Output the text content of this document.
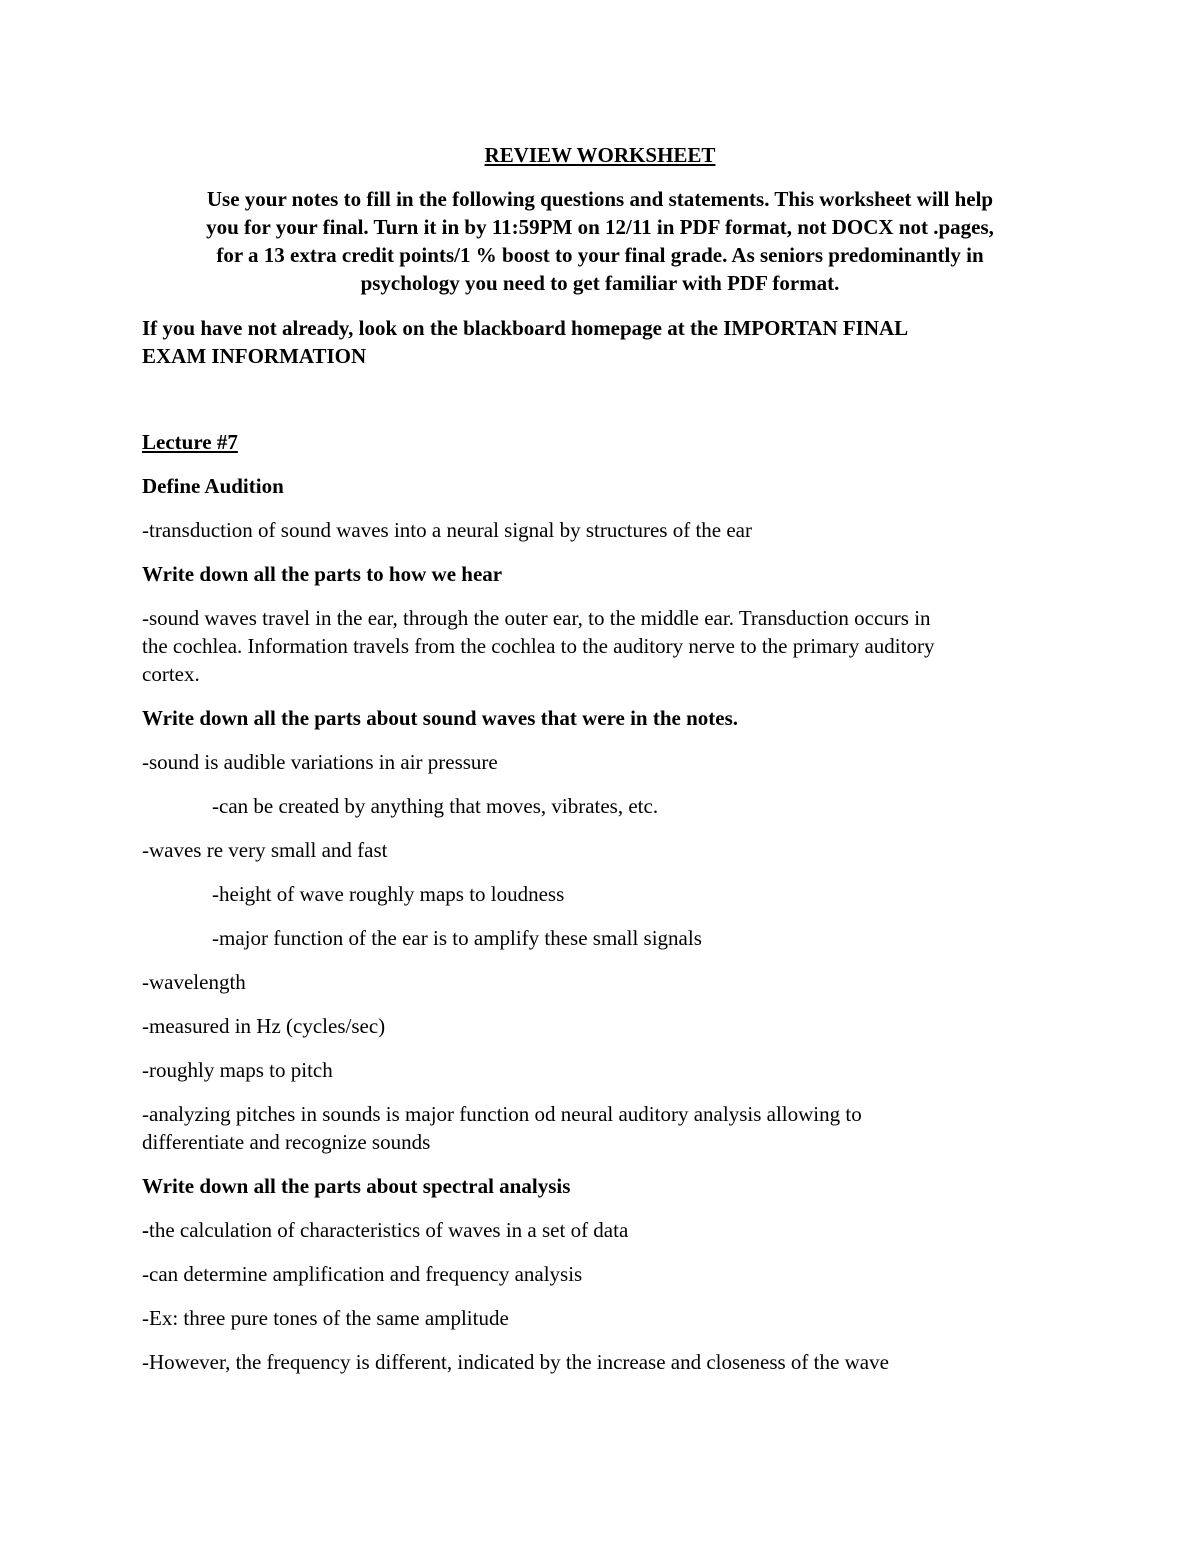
REVIEW WORKSHEET

Use your notes to fill in the following questions and statements. This worksheet will help

you for your final. Turn it in by 11:59PM on 12/11 in PDF format, not DOCX not .pages,

for a 13 extra credit points/1 % boost to your final grade. As seniors predominantly in

psychology you need to get familiar with PDF format.

If you have not already, look on the blackboard homepage at the IMPORTAN FINAL

EXAM INFORMATION

Lecture #7

Define Audition

-transduction of sound waves into a neural signal by structures of the ear

Write down all the parts to how we hear

-sound waves travel in the ear, through the outer ear, to the middle ear. Transduction occurs in

the cochlea. Information travels from the cochlea to the auditory nerve to the primary auditory

cortex.

Write down all the parts about sound waves that were in the notes.

-sound is audible variations in air pressure

-can be created by anything that moves, vibrates, etc.

-waves re very small and fast

-height of wave roughly maps to loudness

-major function of the ear is to amplify these small signals

-wavelength

-measured in Hz (cycles/sec)

-roughly maps to pitch

-analyzing pitches in sounds is major function od neural auditory analysis allowing to

differentiate and recognize sounds

Write down all the parts about spectral analysis

-the calculation of characteristics of waves in a set of data

-can determine amplification and frequency analysis

-Ex: three pure tones of the same amplitude

-However, the frequency is different, indicated by the increase and closeness of the wave
